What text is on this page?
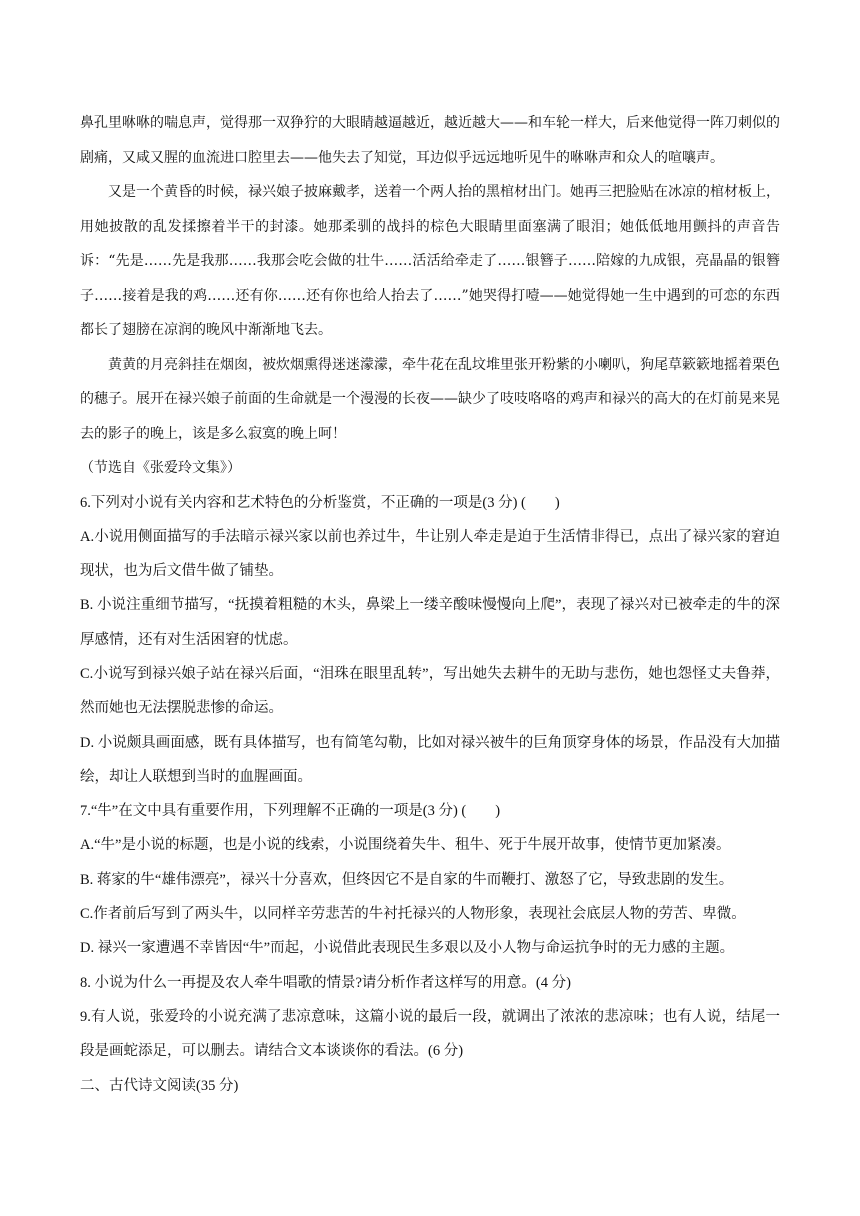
鼻孔里咻咻的喘息声，觉得那一双狰狞的大眼睛越逼越近，越近越大——和车轮一样大，后来他觉得一阵刀刺似的剧痛，又咸又腥的血流进口腔里去——他失去了知觉，耳边似乎远远地听见牛的咻咻声和众人的喧嚷声。

又是一个黄昏的时候，禄兴娘子披麻戴孝，送着一个两人抬的黑棺材出门。她再三把脸贴在冰凉的棺材板上，用她披散的乱发揉擦着半干的封漆。她那柔驯的战抖的棕色大眼睛里面塞满了眼泪；她低低地用颤抖的声音告诉：“先是……先是我那……我那会吃会做的壮牛……活活给牵走了……银簪子……陪嫁的九成银，亮晶晶的银簪子……接着是我的鸡……还有你……还有你也给人抬去了……”她哭得打噎——她觉得她一生中遇到的可恋的东西都长了翅膀在凉润的晚风中渐渐地飞去。

黄黄的月亮斜挂在烟囱，被炊烟熏得迷迷濛濛，牵牛花在乱坟堆里张开粉紫的小喇叭，狗尾草簌簌地摇着栗色的穗子。展开在禄兴娘子前面的生命就是一个漫漫的长夜——缺少了吱吱咯咯的鸡声和禄兴的高大的在灯前晃来晃去的影子的晚上，该是多么寂寞的晚上呵！

（节选自《张爱玲文集》）

6.下列对小说有关内容和艺术特色的分析鉴赏，不正确的一项是(3 分) (　　)

A.小说用侧面描写的手法暗示禄兴家以前也养过牛，牛让别人牵走是迫于生活情非得已，点出了禄兴家的窘迫现状，也为后文借牛做了铺垫。

B. 小说注重细节描写，“抚摸着粗糙的木头，鼻梁上一缕辛酸味慢慢向上爬”，表现了禄兴对已被牵走的牛的深厚感情，还有对生活困窘的忧虑。

C.小说写到禄兴娘子站在禄兴后面，“泪珠在眼里乱转”，写出她失去耕牛的无助与悲伤，她也怨怪丈夫鲁莽，然而她也无法摆脱悲惨的命运。

D. 小说颇具画面感，既有具体描写，也有简笔勾勒，比如对禄兴被牛的巨角顶穿身体的场景，作品没有大加描绘，却让人联想到当时的血腥画面。

7.“牛”在文中具有重要作用，下列理解不正确的一项是(3 分) (　　)

A.“牛”是小说的标题，也是小说的线索，小说围绕着失牛、租牛、死于牛展开故事，使情节更加紧凑。

B. 蒋家的牛“雄伟漂亮”，禄兴十分喜欢，但终因它不是自家的牛而鞭打、激怒了它，导致悲剧的发生。

C.作者前后写到了两头牛，以同样辛劳悲苦的牛衬托禄兴的人物形象，表现社会底层人物的劳苦、卑微。

D. 禄兴一家遭遇不幸皆因“牛”而起，小说借此表现民生多艰以及小人物与命运抗争时的无力感的主题。

8. 小说为什么一再提及农人牵牛唱歌的情景?请分析作者这样写的用意。(4 分)

9.有人说，张爱玲的小说充满了悲凉意味，这篇小说的最后一段，就调出了浓浓的悲凉味；也有人说，结尾一段是画蛇添足，可以删去。请结合文本谈谈你的看法。(6 分)

二、古代诗文阅读(35 分)
